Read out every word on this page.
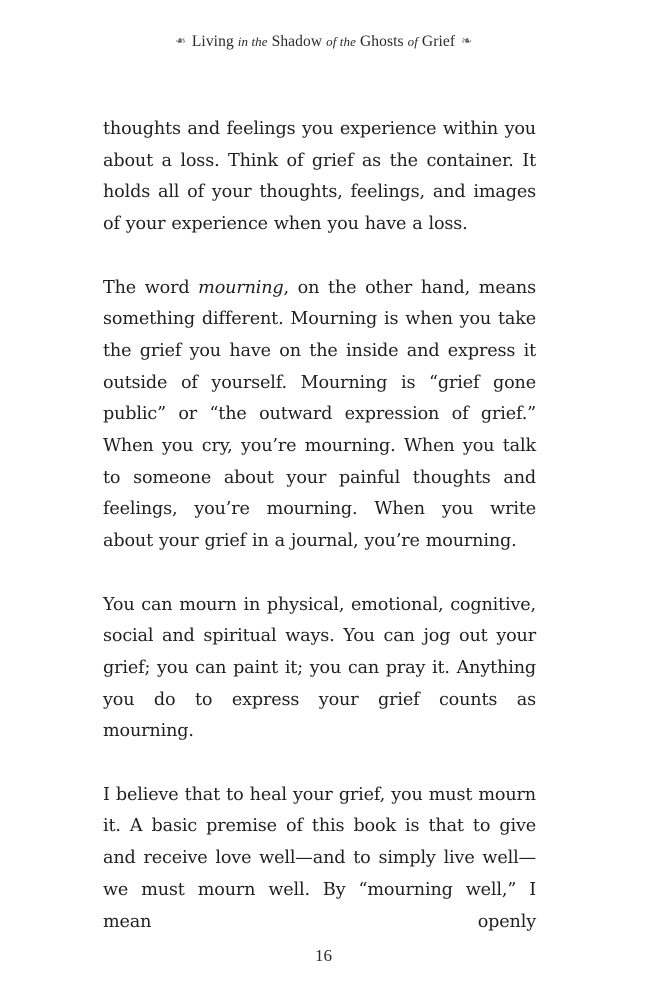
❧ Living in the Shadow of the Ghosts of Grief ❧

thoughts and feelings you experience within you about a loss. Think of grief as the container. It holds all of your thoughts, feelings, and images of your experience when you have a loss.

The word mourning, on the other hand, means something different. Mourning is when you take the grief you have on the inside and express it outside of yourself. Mourning is “grief gone public” or “the outward expression of grief.” When you cry, you’re mourning. When you talk to someone about your painful thoughts and feelings, you’re mourning. When you write about your grief in a journal, you’re mourning.

You can mourn in physical, emotional, cognitive, social and spiritual ways. You can jog out your grief; you can paint it; you can pray it. Anything you do to express your grief counts as mourning.

I believe that to heal your grief, you must mourn it. A basic premise of this book is that to give and receive love well—and to simply live well—we must mourn well. By “mourning well,” I mean openly

16
